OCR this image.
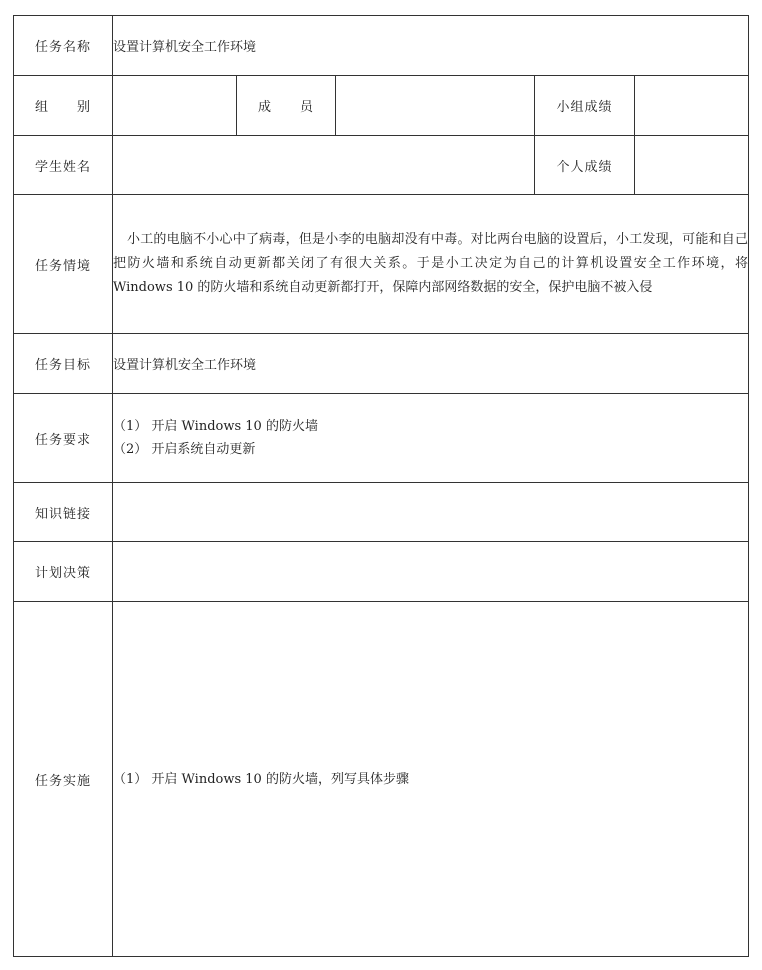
任务名称	设置计算机安全工作环境				
组　　别		成　　员		小组成绩	
学生姓名				个人成绩	
任务情境	小工的电脑不小心中了病毒，但是小李的电脑却没有中毒。对比两台电脑的设置后，小工发现，可能和自己把防火墙和系统自动更新都关闭了有很大关系。于是小工决定为自己的计算机设置安全工作环境，将 Windows 10 的防火墙和系统自动更新都打开，保障内部网络数据的安全，保护电脑不被入侵				
任务目标	设置计算机安全工作环境				
任务要求	（1） 开启 Windows 10 的防火墙
（2） 开启系统自动更新				

知识链接					
计划决策					
任务实施	（1） 开启 Windows 10 的防火墙，列写具体步骤				
